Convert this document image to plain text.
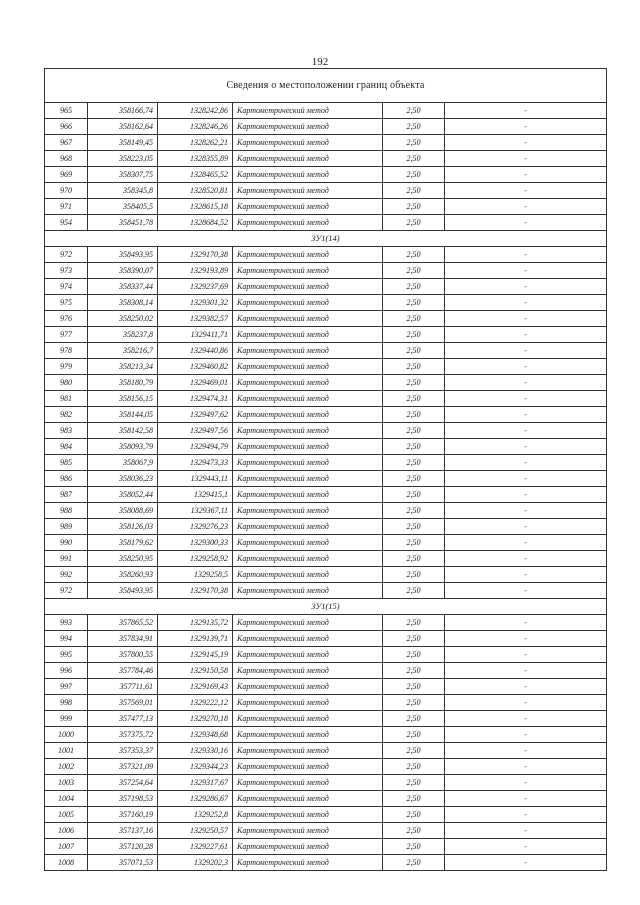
192
Сведения о местоположении границ объекта					
965	358166,74	1328242,86	Картометрический метод	2,50	-
966	358162,64	1328246,26	Картометрический метод	2,50	-
967	358149,45	1328262,21	Картометрический метод	2,50	-
968	358223,05	1328355,89	Картометрический метод	2,50	-
969	358307,75	1328465,52	Картометрический метод	2,50	-
970	358345,8	1328520,81	Картометрический метод	2,50	-
971	358405,5	1328615,18	Картометрический метод	2,50	-
954	358451,78	1328684,52	Картометрический метод	2,50	-
ЗУ1(14)					
972	358493,95	1329170,38	Картометрический метод	2,50	-
973	358390,07	1329193,89	Картометрический метод	2,50	-
974	358337,44	1329237,69	Картометрический метод	2,50	-
975	358308,14	1329301,32	Картометрический метод	2,50	-
976	358250,02	1329382,57	Картометрический метод	2,50	-
977	358237,8	1329411,71	Картометрический метод	2,50	-
978	358216,7	1329440,86	Картометрический метод	2,50	-
979	358213,34	1329460,82	Картометрический метод	2,50	-
980	358180,79	1329469,01	Картометрический метод	2,50	-
981	358156,15	1329474,31	Картометрический метод	2,50	-
982	358144,05	1329497,62	Картометрический метод	2,50	-
983	358142,58	1329497,56	Картометрический метод	2,50	-
984	358093,79	1329494,79	Картометрический метод	2,50	-
985	358067,9	1329473,33	Картометрический метод	2,50	-
986	358036,23	1329443,11	Картометрический метод	2,50	-
987	358052,44	1329415,1	Картометрический метод	2,50	-
988	358088,69	1329367,11	Картометрический метод	2,50	-
989	358126,03	1329276,23	Картометрический метод	2,50	-
990	358179,62	1329300,33	Картометрический метод	2,50	-
991	358250,95	1329258,92	Картометрический метод	2,50	-
992	358260,93	1329258,5	Картометрический метод	2,50	-
972	358493,95	1329170,38	Картометрический метод	2,50	-
ЗУ1(15)					
993	357865,52	1329135,72	Картометрический метод	2,50	-
994	357834,91	1329139,71	Картометрический метод	2,50	-
995	357800,55	1329145,19	Картометрический метод	2,50	-
996	357784,46	1329150,58	Картометрический метод	2,50	-
997	357711,61	1329169,43	Картометрический метод	2,50	-
998	357569,01	1329222,12	Картометрический метод	2,50	-
999	357477,13	1329270,18	Картометрический метод	2,50	-
1000	357375,72	1329348,68	Картометрический метод	2,50	-
1001	357353,37	1329330,16	Картометрический метод	2,50	-
1002	357321,09	1329344,23	Картометрический метод	2,50	-
1003	357254,64	1329317,67	Картометрический метод	2,50	-
1004	357198,53	1329286,67	Картометрический метод	2,50	-
1005	357160,19	1329252,8	Картометрический метод	2,50	-
1006	357137,16	1329250,57	Картометрический метод	2,50	-
1007	357120,28	1329227,61	Картометрический метод	2,50	-
1008	357071,53	1329202,3	Картометрический метод	2,50	-
